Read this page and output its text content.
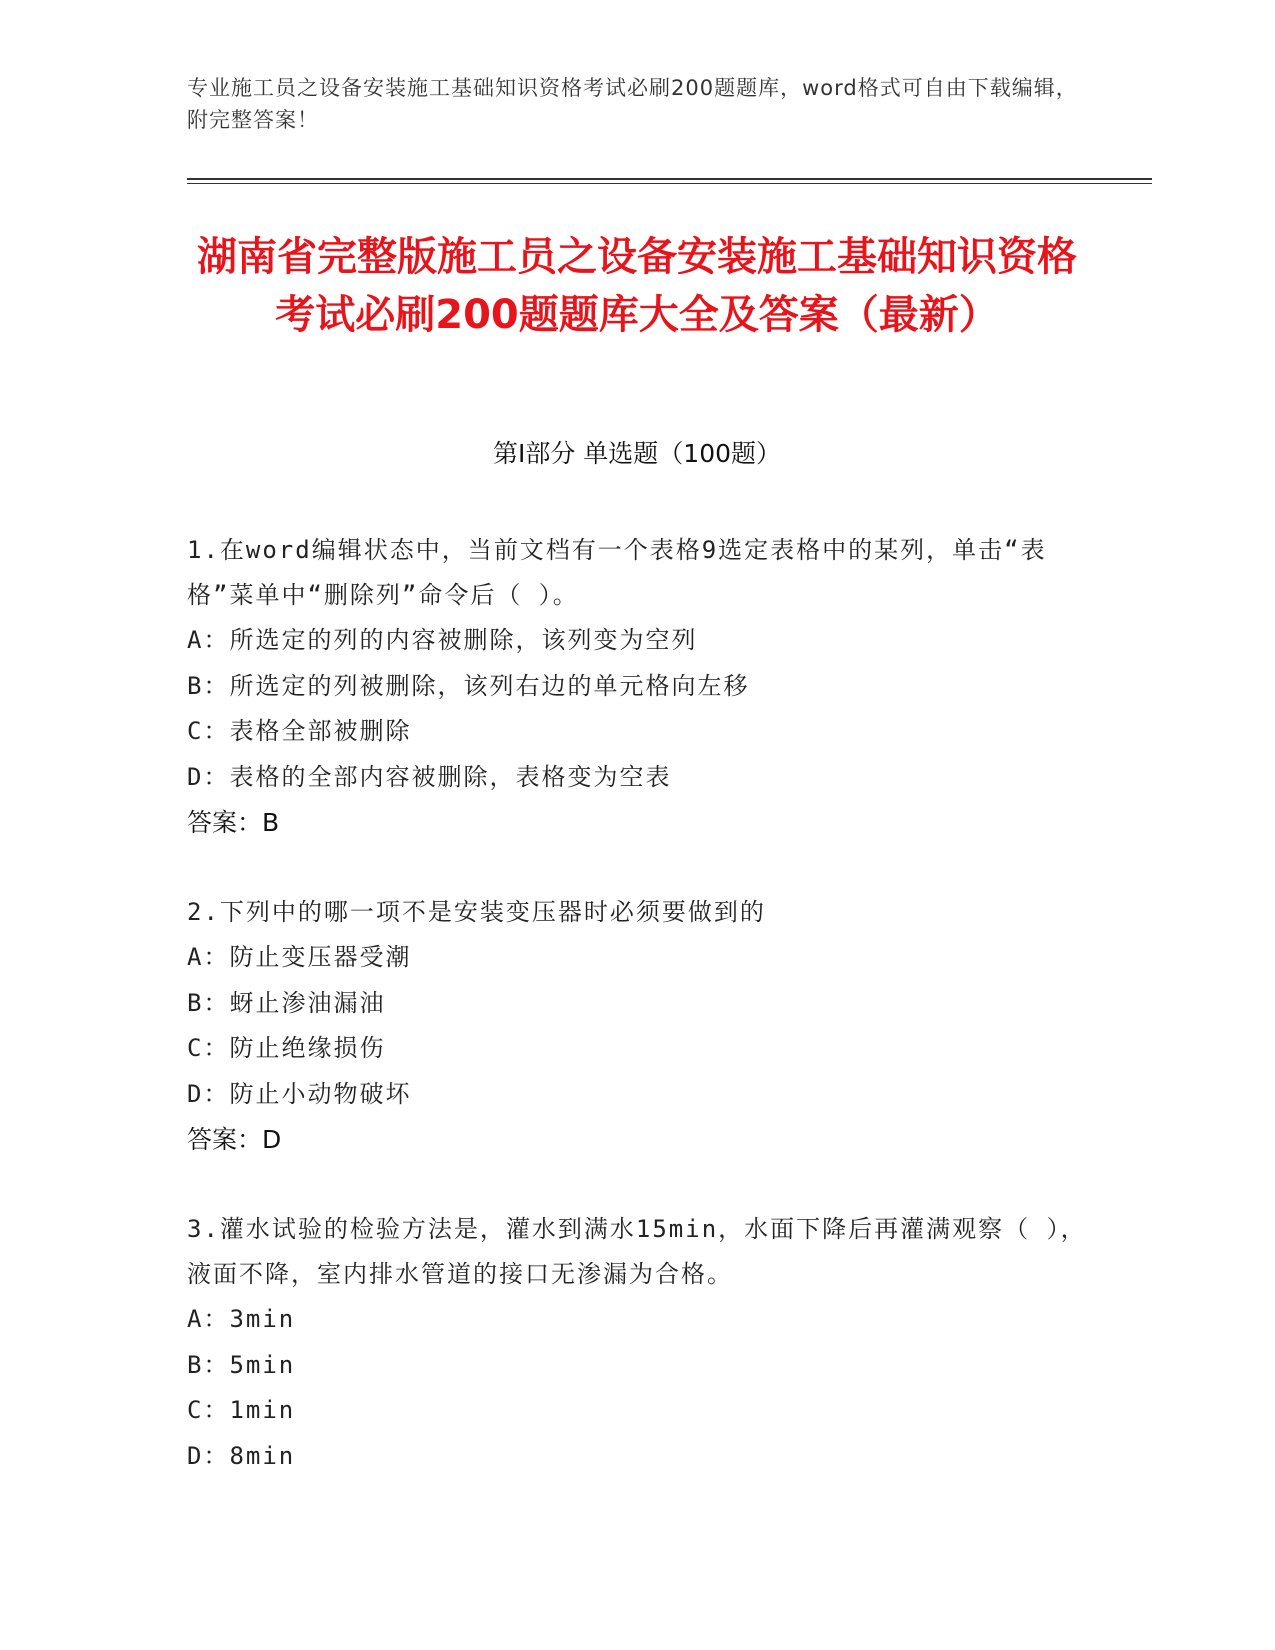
专业施工员之设备安装施工基础知识资格考试必刷200题题库，word格式可自由下载编辑，附完整答案！
湖南省完整版施工员之设备安装施工基础知识资格考试必刷200题题库大全及答案（最新）
第Ⅰ部分 单选题（100题）
1.在word编辑状态中，当前文档有一个表格9选定表格中的某列，单击“表格”菜单中“删除列”命令后（ ）。
A：所选定的列的内容被删除，该列变为空列
B：所选定的列被删除，该列右边的单元格向左移
C：表格全部被删除
D：表格的全部内容被删除，表格变为空表
答案：B
2.下列中的哪一项不是安装变压器时必须要做到的
A：防止变压器受潮
B：蚜止渗油漏油
C：防止绝缘损伤
D：防止小动物破坏
答案：D
3.灌水试验的检验方法是，灌水到满水15min，水面下降后再灌满观察（ ），液面不降，室内排水管道的接口无渗漏为合格。
A：3min
B：5min
C：1min
D：8min
